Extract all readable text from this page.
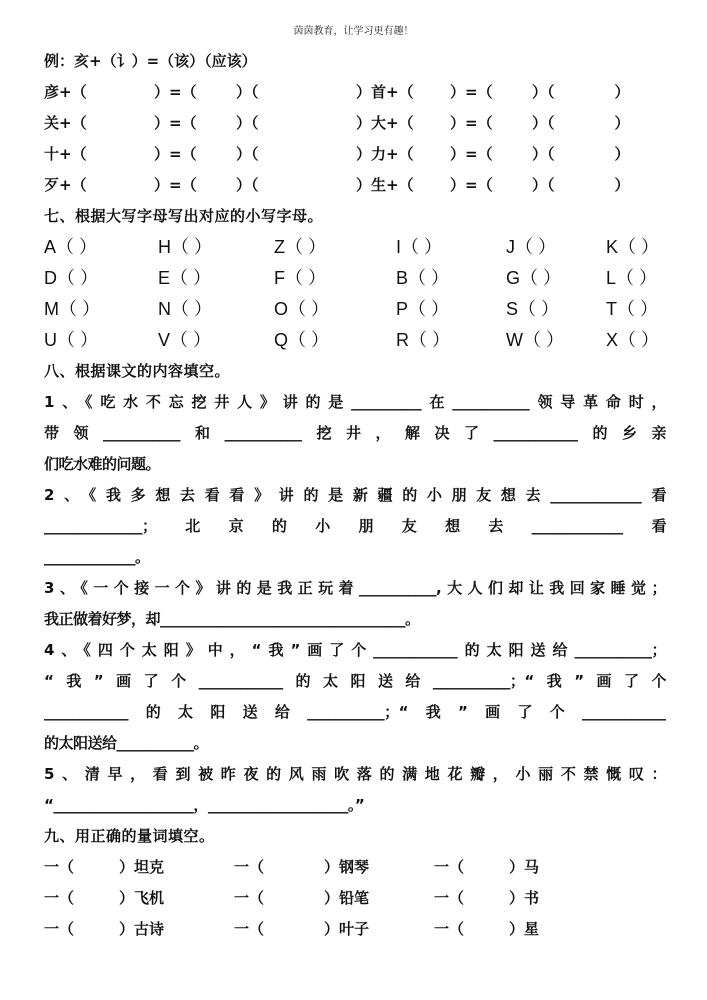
茵茵教育，让学习更有趣！
例：亥+（讠）=（该）（应该）
彦+（	）=（	）（	）首+（ ）=（	）（　　　　）
关+（	）=（	）（	）大+（ ）=（	）（　　　　）
十+（	）=（	）（	）力+（ ）=（	）（　　　　）
歹+（	）=（	）（	）生+（ ）=（	）（　　　　）
七、根据大写字母写出对应的小写字母。
A（ ）	H（ ）	Z（ ）	I（ ）	J（ ）	K（ ）
D（ ）	E（ ）	F（ ）	B（ ）	G（ ） L（ ）
M（ ）	N（ ）	O（ ）	P（ ）	S（ ）	T（ ）
U（ ）	V（ ）	Q（ ）	R（ ）	W（ ） X（ ）
八、根据课文的内容填空。
1、《吃水不忘挖井人》讲的是__________在___________领导革命时，
带领___________和___________挖井，解决了____________的乡亲
们吃水难的问题。
2、《我多想去看看》讲的是新疆的小朋友想去_____________看
______________；北京的小朋友想去_____________看
_____________。
3、《一个接一个》讲的是我正玩着___________,大人们却让我回家睡觉；
我正做着好梦，却___________________________________。
4、《四个太阳》中，“我”画了个____________的太阳送给___________；
“我”画了个____________的太阳送给___________；“我”画了个
____________的太阳送给___________；“我”画了个____________
的太阳送给___________。
5、清早，看到被昨夜的风雨吹落的满地花瓣，小丽不禁慨叹：
“____________________，____________________。”
九、用正确的量词填空。
一（　　　）坦克	一（　　　　）钢琴	一（　　　）马
一（　　　）飞机	一（　　　　）铅笔	一（　　　）书
一（　　　）古诗	一（　　　　）叶子	一（　　　）星
